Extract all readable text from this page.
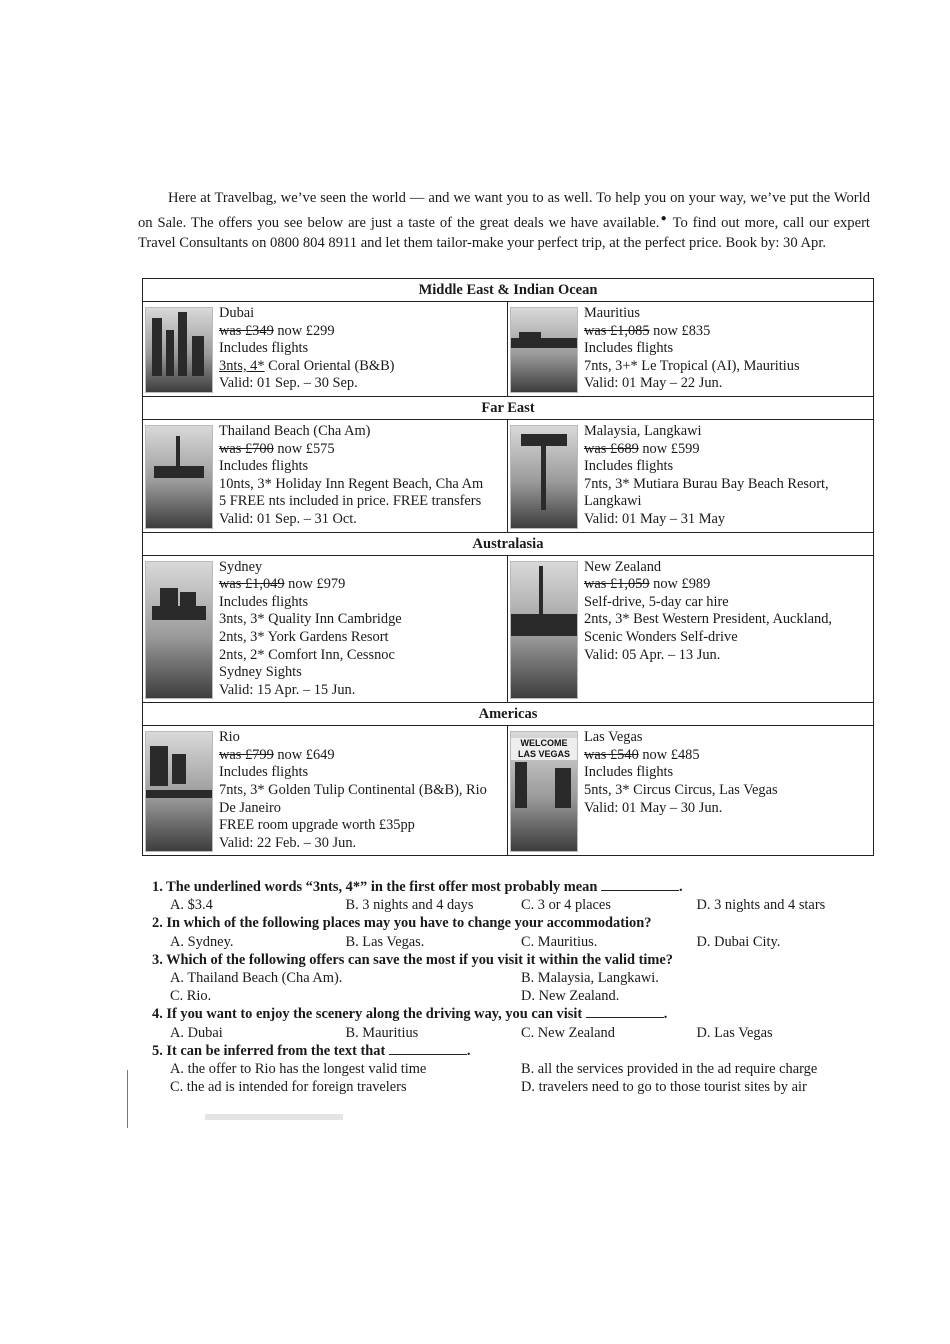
Here at Travelbag, we’ve seen the world — and we want you to as well. To help you on your way, we’ve put the World on Sale. The offers you see below are just a taste of the great deals we have available.● To find out more, call our expert Travel Consultants on 0800 804 8911 and let them tailor-make your perfect trip, at the perfect price. Book by: 30 Apr.
Middle East & Indian Ocean
Dubai
was £349 now £299
Includes flights
3nts, 4* Coral Oriental (B&B)
Valid: 01 Sep. – 30 Sep.
Mauritius
was £1,085 now £835
Includes flights
7nts, 3+* Le Tropical (AI), Mauritius
Valid: 01 May – 22 Jun.
Far East
Thailand Beach (Cha Am)
was £700 now £575
Includes flights
10nts, 3* Holiday Inn Regent Beach, Cha Am
5 FREE nts included in price. FREE transfers
Valid: 01 Sep. – 31 Oct.
Malaysia, Langkawi
was £689 now £599
Includes flights
7nts, 3* Mutiara Burau Bay Beach Resort, Langkawi
Valid: 01 May – 31 May
Australasia
Sydney
was £1,049 now £979
Includes flights
3nts, 3* Quality Inn Cambridge
2nts, 3* York Gardens Resort
2nts, 2* Comfort Inn, Cessnoc
Sydney Sights
Valid: 15 Apr. – 15 Jun.
New Zealand
was £1,059 now £989
Self-drive, 5-day car hire
2nts, 3* Best Western President, Auckland, Scenic Wonders Self-drive
Valid: 05 Apr. – 13 Jun.
Americas
Rio
was £799 now £649
Includes flights
7nts, 3* Golden Tulip Continental (B&B), Rio De Janeiro
FREE room upgrade worth £35pp
Valid: 22 Feb. – 30 Jun.
WELCOME LAS VEGAS
Las Vegas
was £540 now £485
Includes flights
5nts, 3* Circus Circus, Las Vegas
Valid: 01 May – 30 Jun.
1. The underlined words “3nts, 4*” in the first offer most probably mean	.
A. $3.4	B. 3 nights and 4 days	C. 3 or 4 places	D. 3 nights and 4 stars
2. In which of the following places may you have to change your accommodation?
A. Sydney.	B. Las Vegas.	C. Mauritius.	D. Dubai City.
3. Which of the following offers can save the most if you visit it within the valid time?
A. Thailand Beach (Cha Am).	B. Malaysia, Langkawi.
C. Rio.	D. New Zealand.
4. If you want to enjoy the scenery along the driving way, you can visit	.
A. Dubai	B. Mauritius	C. New Zealand	D. Las Vegas
5. It can be inferred from the text that	.
A. the offer to Rio has the longest valid time	B. all the services provided in the ad require charge
C. the ad is intended for foreign travelers	D. travelers need to go to those tourist sites by air
